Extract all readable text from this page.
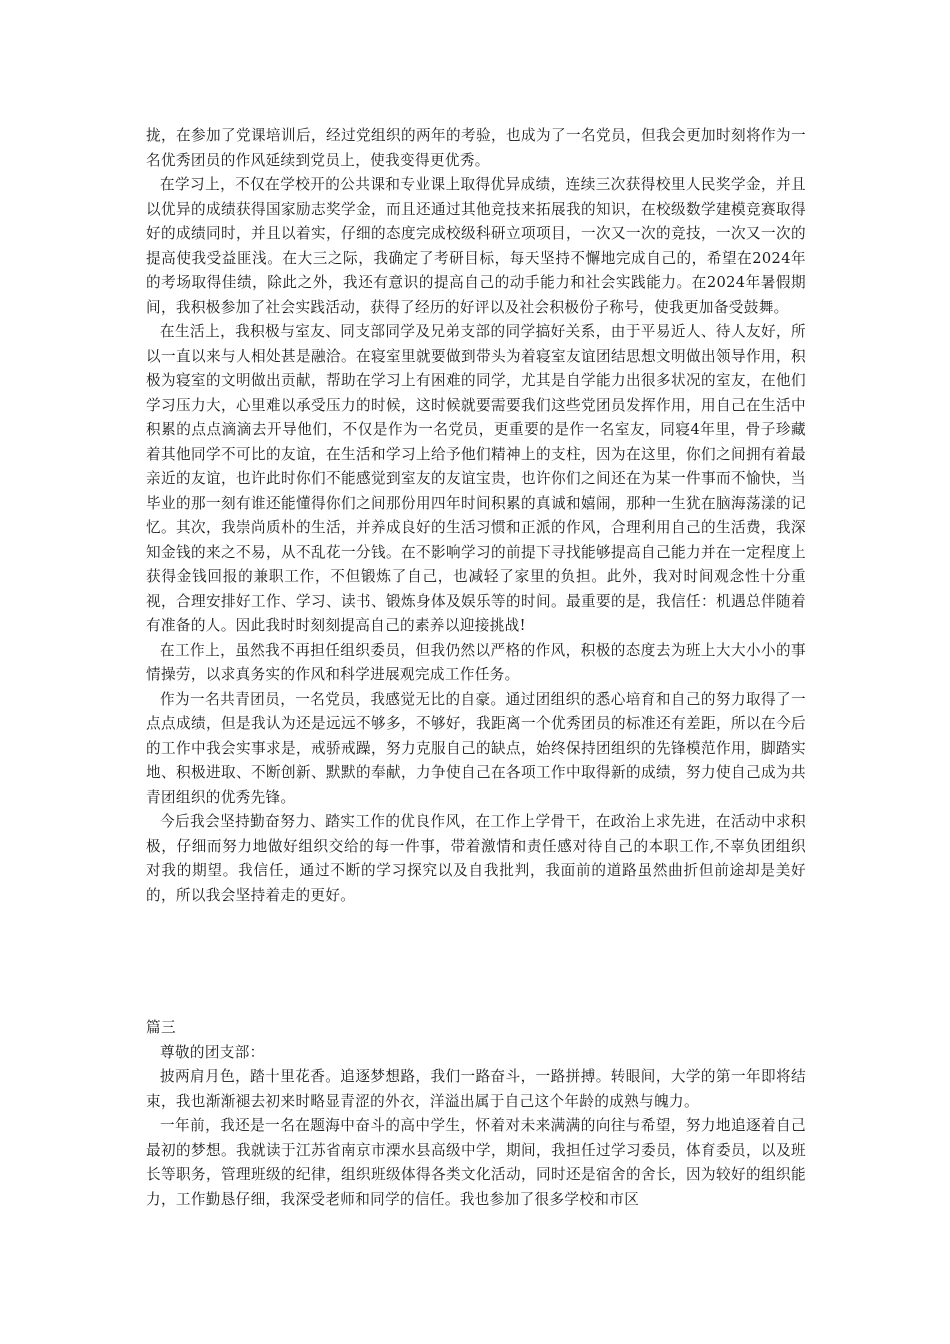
拢，在参加了党课培训后，经过党组织的两年的考验，也成为了一名党员，但我会更加时刻将作为一名优秀团员的作风延续到党员上，使我变得更优秀。

在学习上，不仅在学校开的公共课和专业课上取得优异成绩，连续三次获得校里人民奖学金，并且以优异的成绩获得国家励志奖学金，而且还通过其他竞技来拓展我的知识，在校级数学建模竞赛取得好的成绩同时，并且以着实，仔细的态度完成校级科研立项项目，一次又一次的竞技，一次又一次的提高使我受益匪浅。在大三之际，我确定了考研目标，每天坚持不懈地完成自己的，希望在2024年的考场取得佳绩，除此之外，我还有意识的提高自己的动手能力和社会实践能力。在2024年暑假期间，我积极参加了社会实践活动，获得了经历的好评以及社会积极份子称号，使我更加备受鼓舞。

在生活上，我积极与室友、同支部同学及兄弟支部的同学搞好关系，由于平易近人、待人友好，所以一直以来与人相处甚是融洽。在寝室里就要做到带头为着寝室友谊团结思想文明做出领导作用，积极为寝室的文明做出贡献，帮助在学习上有困难的同学，尤其是自学能力出很多状况的室友，在他们学习压力大，心里难以承受压力的时候，这时候就要需要我们这些党团员发挥作用，用自己在生活中积累的点点滴滴去开导他们，不仅是作为一名党员，更重要的是作一名室友，同寝4年里，骨子珍藏着其他同学不可比的友谊，在生活和学习上给予他们精神上的支柱，因为在这里，你们之间拥有着最亲近的友谊，也许此时你们不能感觉到室友的友谊宝贵，也许你们之间还在为某一件事而不愉快，当毕业的那一刻有谁还能懂得你们之间那份用四年时间积累的真诚和嬉闹，那种一生犹在脑海荡漾的记忆。其次，我崇尚质朴的生活，并养成良好的生活习惯和正派的作风，合理利用自己的生活费，我深知金钱的来之不易，从不乱花一分钱。在不影响学习的前提下寻找能够提高自己能力并在一定程度上获得金钱回报的兼职工作，不但锻炼了自己，也减轻了家里的负担。此外，我对时间观念性十分重视，合理安排好工作、学习、读书、锻炼身体及娱乐等的时间。最重要的是，我信任：机遇总伴随着有准备的人。因此我时时刻刻提高自己的素养以迎接挑战!

在工作上，虽然我不再担任组织委员，但我仍然以严格的作风，积极的态度去为班上大大小小的事情操劳，以求真务实的作风和科学进展观完成工作任务。

作为一名共青团员，一名党员，我感觉无比的自豪。通过团组织的悉心培育和自己的努力取得了一点点成绩，但是我认为还是远远不够多，不够好，我距离一个优秀团员的标准还有差距，所以在今后的工作中我会实事求是，戒骄戒躁，努力克服自己的缺点，始终保持团组织的先锋模范作用，脚踏实地、积极进取、不断创新、默默的奉献，力争使自己在各项工作中取得新的成绩，努力使自己成为共青团组织的优秀先锋。

今后我会坚持勤奋努力、踏实工作的优良作风，在工作上学骨干，在政治上求先进，在活动中求积极，仔细而努力地做好组织交给的每一件事，带着激情和责任感对待自己的本职工作,不辜负团组织对我的期望。我信任，通过不断的学习探究以及自我批判，我面前的道路虽然曲折但前途却是美好的，所以我会坚持着走的更好。

篇三

尊敬的团支部：

披两肩月色，踏十里花香。追逐梦想路，我们一路奋斗，一路拼搏。转眼间，大学的第一年即将结束，我也渐渐褪去初来时略显青涩的外衣，洋溢出属于自己这个年龄的成熟与魄力。

一年前，我还是一名在题海中奋斗的高中学生，怀着对未来满满的向往与希望，努力地追逐着自己最初的梦想。我就读于江苏省南京市溧水县高级中学，期间，我担任过学习委员，体育委员，以及班长等职务，管理班级的纪律，组织班级体得各类文化活动，同时还是宿舍的舍长，因为较好的组织能力，工作勤恳仔细，我深受老师和同学的信任。我也参加了很多学校和市区
